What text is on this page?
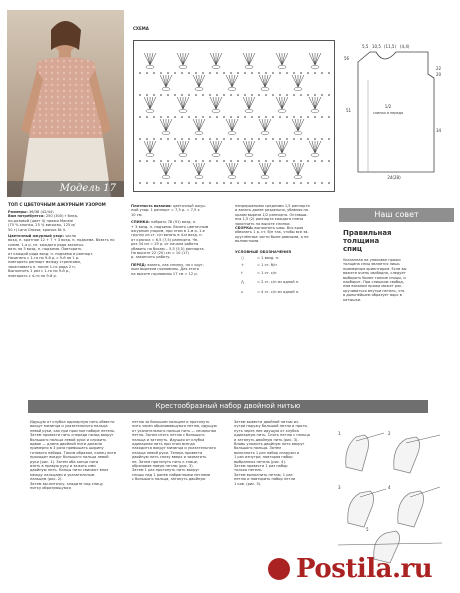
Модель 17
ТОП С ЦВЕТОЧНЫМ АЖУРНЫМ УЗОРОМ
Размеры: 36/38 (42/44)
Вам потребуется: 250 (300) г блед-
но-розовой (цвет 4) пряжи Macate
(75 % хлопка, 25 % вискозы, 125 м/
50 г) Lana Grossa; крючок № 4.
Цветочный ажурный узор: число
возд. п. кратное 12 + 7 + 3 возд. п. подъема. Вязать по
схеме. 1-я р. сп. каждого ряда заканчи-
вать на 3 возд. п. подъема. Повторить
от каждой ряда возд. п. подъема и раппорт.
Начинать с 1-го по 9-й р. с 9-й по 1 р.
повторять раппорт между стрелками,
заканчивать п. после 1-го ряда 2 п.
Выполнить 1 раз с 1-го по 9-й р.,
повторять с 4-го по 9-й р.
СХЕМА
Плотность вязания: цветочный ажур-
ный узор: 1 раппорт = 7,5 р. = 7,5 х
10 см.
СПИНКА: набрать 78 (91) возд. п.
+ 3 возд. п. подъема. Вязать цветочным
ажурным узором, при этом в 1-м р. 1-е
группу из ст. с/н вязать в 4-м возд. п.
от крючка = 6,5 (7,5) раппорта. Че-
рез 34 см = 29 р. от начала работы
убавить по бокам... 5,5 (5,5) раппорта.
На высоте 22 (20) см = 10 (17)
р. закончить работу.
ПЕРЕД: вязать, как спинку, но с круг-
лым вырезом горловины. Для этого
на высоте горловины 17 см = 12 р.
непрерывными средними 1,5 раппорта
и вязать далее раздельно, убавляя по
краям выреза 1/2 раппорта. Оставши-
еся 1,5 (2) раппорта каждого плеча
закончить на высоте спинки.
СБОРКА: выполнить швы. Вся края
обвязать 1 р. ст. б/н так, чтобы все за-
круглённые части были ровными, а не
волнистыми.
УСЛОВНЫЕ ОБОЗНАЧЕНИЯ
○	= 1 возд. п.
+	= 1 ст. б/н
†	= 1 ст. с/н
⋀	= 2 ст. с/н из одной п.
⩚	= 4 ст. с/н из одной п.
5,5 10,5 (11,5) (4,4)
56
1/2
спинки и переда
22
20
51
34
24(28)
Наш совет
Правильная
толщина
спиц
Указанная на упаковке пряжи
толщина спиц является лишь
примерным ориентиром. Если вы
вяжете очень свободно, следует
выбирать более тонкие спицы, и
наоборот. При слишком свобод-
ном вязании пряжа может рас-
кручиваться внутри петель, что
в дальнейшем образует ворс в
катышки.
Крестообразный набор двойной нитью
Идущую от клубка одинарную нить обвести
вокруг мизинца и указательного пальца
левой руки, как при простом наборе петель.
Затем провести нить спереди назад вокруг
большого пальца левой руки и сложить
вдвое — длина двойной нити должна
примерно в 3 раза превышать ширину
готового набора. Таким образом, конец нити
проходит вокруг большого пальца левой
руки (рис. 1). Затем оба конца нити
взять в правую руку и зажать ими
двойную нить. Концы нити свисают вниз
между пальцами и указательным
пальцем (рис. 2).
Затем вы-ниточку, кладите под спицу
нитку образующуюся
петлю за большим пальцем и протянуть
нить через образовавшуюся петлю, идущую
от указательного пальца нить — начальная
петля. Затем снять петлю с большого
пальца и затянуть. Идущая от клубка
одинарная нить при этом всегда
находится вокруг мизинца и указательного
пальца левой руки. Теперь провести
двойную нить снизу вверх и захватить
ее. Затем протянуть нить к спице,
образовав новую петлю (рис. 3).
Затем 1 раз протянуть нить вокруг
спицы над 1 ранее набранными петлями
с большого пальца, затянуть двойную
Затем вывести двойной нитью из-
нутри наружу большой петли и протя-
нуть через нее идущую от клубка
одинарную нить. Снять петлю с пальца
и затянуть двойную нить (рис. 3).
Вновь уложить двойную нить вокруг
большого пальца. Затем
выполнить 1 раз набор снаружи и
1 раз изнутри, повторяя набор
выбранных петель (рис. 4).
Затем провести 1 раз набор
только петель.
Затем выполнить петлю, 1 раз
петлю и повторить набор петли
1 ков. (рис. 5).
1	2
3	4
5
Postila.ru
